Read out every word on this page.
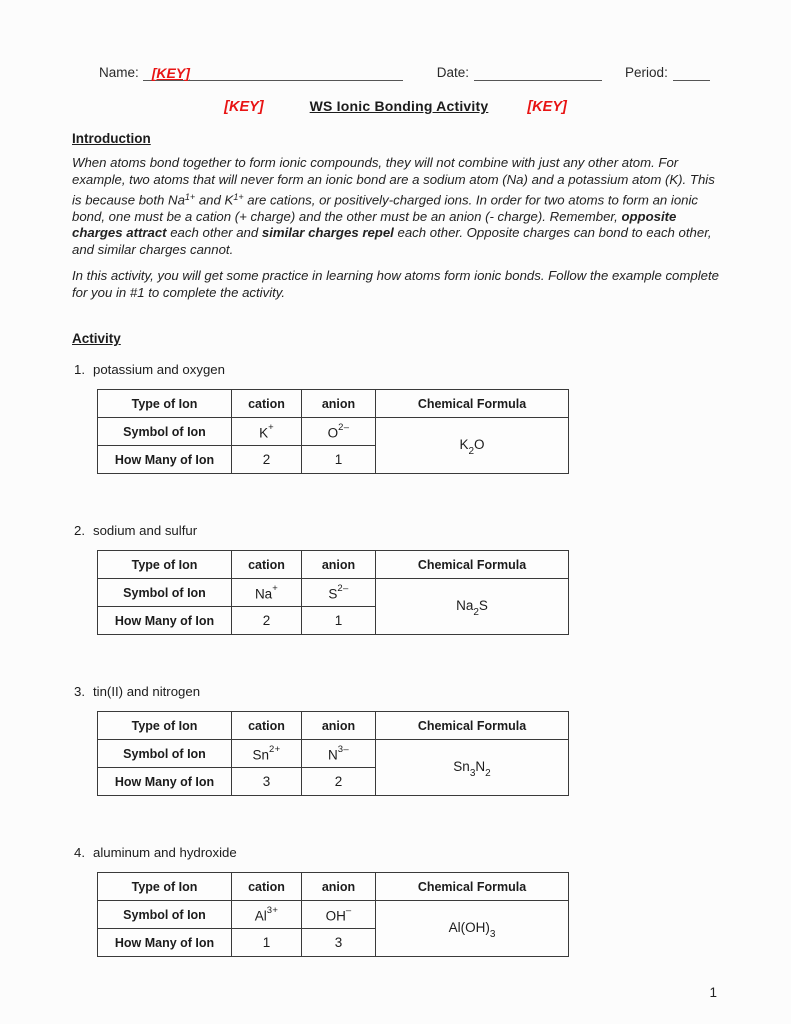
Name: [KEY]	Date:	Period:
[KEY]	WS Ionic Bonding Activity	[KEY]
Introduction

When atoms bond together to form ionic compounds, they will not combine with just any other atom. For example, two atoms that will never form an ionic bond are a sodium atom (Na) and a potassium atom (K). This is because both $Na^{1+}$ and $K^{1+}$ are cations, or positively-charged ions. In order for two atoms to form an ionic bond, one must be a cation (+ charge) and the other must be an anion (- charge). Remember, opposite charges attract each other and similar charges repel each other. Opposite charges can bond to each other, and similar charges cannot.

In this activity, you will get some practice in learning how atoms form ionic bonds. Follow the example complete for you in #1 to complete the activity.

Activity
1. potassium and oxygen
Type of Ion	cation	anion	Chemical Formula
Symbol of Ion	K+	$O^{2-}$	$K_2O$
How Many of Ion	2	1	
2. sodium and sulfur
Type of Ion	cation	anion	Chemical Formula
Symbol of Ion	Na+	$S^{2-}$	$Na_2S$
How Many of Ion	2	1	
3. tin(II) and nitrogen
Type of Ion	cation	anion	Chemical Formula
Symbol of Ion	$Sn^{2+}$	$N^{3-}$	$Sn_3N_2$
How Many of Ion	3	2	
4. aluminum and hydroxide
Type of Ion	cation	anion	Chemical Formula
Symbol of Ion	$Al^{3+}$	OH–	$Al(OH)_3$
How Many of Ion	1	3	
1
